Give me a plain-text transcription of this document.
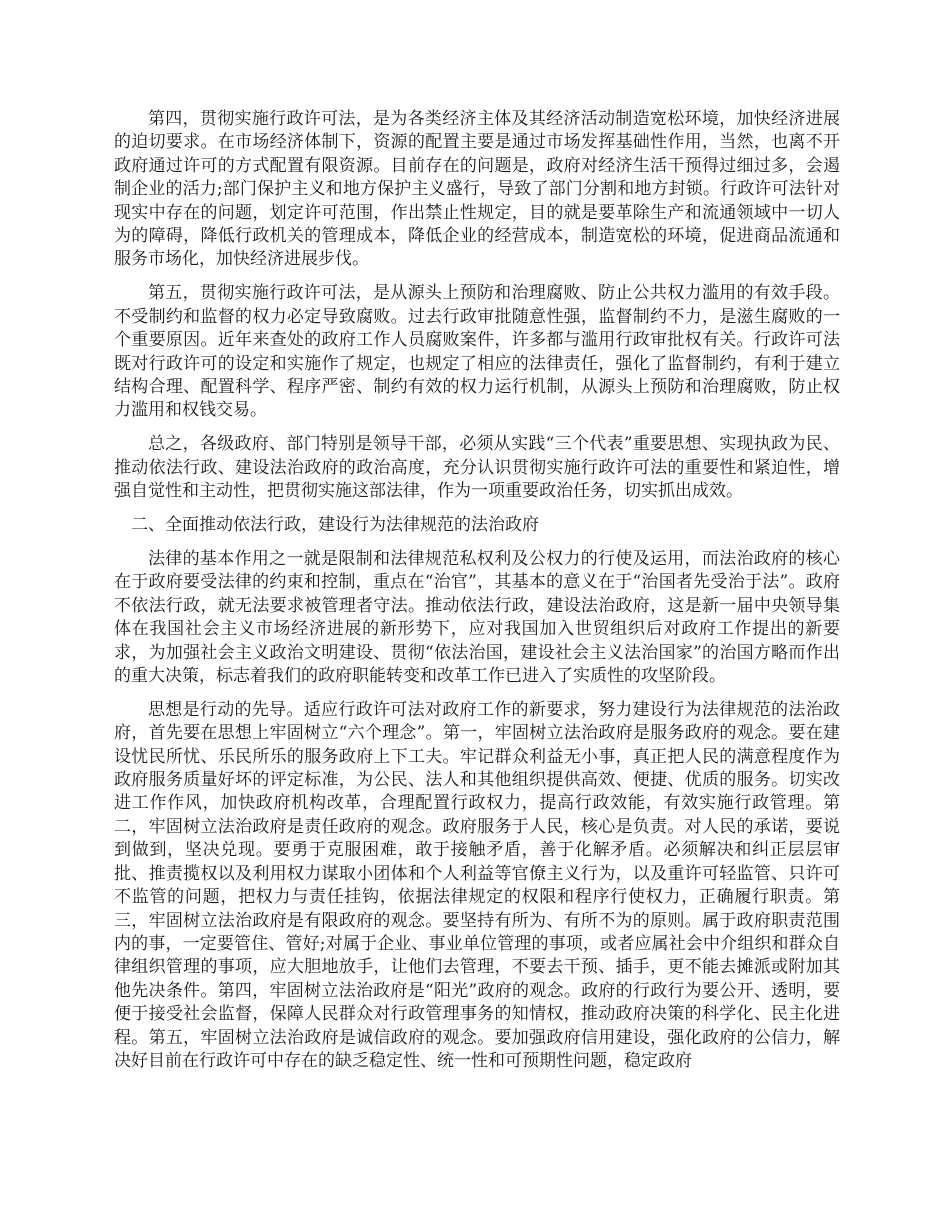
第四，贯彻实施行政许可法，是为各类经济主体及其经济活动制造宽松环境，加快经济进展的迫切要求。在市场经济体制下，资源的配置主要是通过市场发挥基础性作用，当然，也离不开政府通过许可的方式配置有限资源。目前存在的问题是，政府对经济生活干预得过细过多，会遏制企业的活力;部门保护主义和地方保护主义盛行，导致了部门分割和地方封锁。行政许可法针对现实中存在的问题，划定许可范围，作出禁止性规定，目的就是要革除生产和流通领域中一切人为的障碍，降低行政机关的管理成本，降低企业的经营成本，制造宽松的环境，促进商品流通和服务市场化，加快经济进展步伐。

第五，贯彻实施行政许可法，是从源头上预防和治理腐败、防止公共权力滥用的有效手段。不受制约和监督的权力必定导致腐败。过去行政审批随意性强，监督制约不力，是滋生腐败的一个重要原因。近年来查处的政府工作人员腐败案件，许多都与滥用行政审批权有关。行政许可法既对行政许可的设定和实施作了规定，也规定了相应的法律责任，强化了监督制约，有利于建立结构合理、配置科学、程序严密、制约有效的权力运行机制，从源头上预防和治理腐败，防止权力滥用和权钱交易。

总之，各级政府、部门特别是领导干部，必须从实践“三个代表”重要思想、实现执政为民、推动依法行政、建设法治政府的政治高度，充分认识贯彻实施行政许可法的重要性和紧迫性，增强自觉性和主动性，把贯彻实施这部法律，作为一项重要政治任务，切实抓出成效。

二、全面推动依法行政，建设行为法律规范的法治政府

法律的基本作用之一就是限制和法律规范私权利及公权力的行使及运用，而法治政府的核心在于政府要受法律的约束和控制，重点在“治官”，其基本的意义在于“治国者先受治于法”。政府不依法行政，就无法要求被管理者守法。推动依法行政，建设法治政府，这是新一届中央领导集体在我国社会主义市场经济进展的新形势下，应对我国加入世贸组织后对政府工作提出的新要求，为加强社会主义政治文明建设、贯彻“依法治国，建设社会主义法治国家”的治国方略而作出的重大决策，标志着我们的政府职能转变和改革工作已进入了实质性的攻坚阶段。

思想是行动的先导。适应行政许可法对政府工作的新要求，努力建设行为法律规范的法治政府，首先要在思想上牢固树立“六个理念”。第一，牢固树立法治政府是服务政府的观念。要在建设忧民所忧、乐民所乐的服务政府上下工夫。牢记群众利益无小事，真正把人民的满意程度作为政府服务质量好坏的评定标准，为公民、法人和其他组织提供高效、便捷、优质的服务。切实改进工作作风，加快政府机构改革，合理配置行政权力，提高行政效能，有效实施行政管理。第二，牢固树立法治政府是责任政府的观念。政府服务于人民，核心是负责。对人民的承诺，要说到做到，坚决兑现。要勇于克服困难，敢于接触矛盾，善于化解矛盾。必须解决和纠正层层审批、推责揽权以及利用权力谋取小团体和个人利益等官僚主义行为，以及重许可轻监管、只许可不监管的问题，把权力与责任挂钩，依据法律规定的权限和程序行使权力，正确履行职责。第三，牢固树立法治政府是有限政府的观念。要坚持有所为、有所不为的原则。属于政府职责范围内的事，一定要管住、管好;对属于企业、事业单位管理的事项，或者应属社会中介组织和群众自律组织管理的事项，应大胆地放手，让他们去管理，不要去干预、插手，更不能去摊派或附加其他先决条件。第四，牢固树立法治政府是“阳光”政府的观念。政府的行政行为要公开、透明，要便于接受社会监督，保障人民群众对行政管理事务的知情权，推动政府决策的科学化、民主化进程。第五，牢固树立法治政府是诚信政府的观念。要加强政府信用建设，强化政府的公信力，解决好目前在行政许可中存在的缺乏稳定性、统一性和可预期性问题，稳定政府
